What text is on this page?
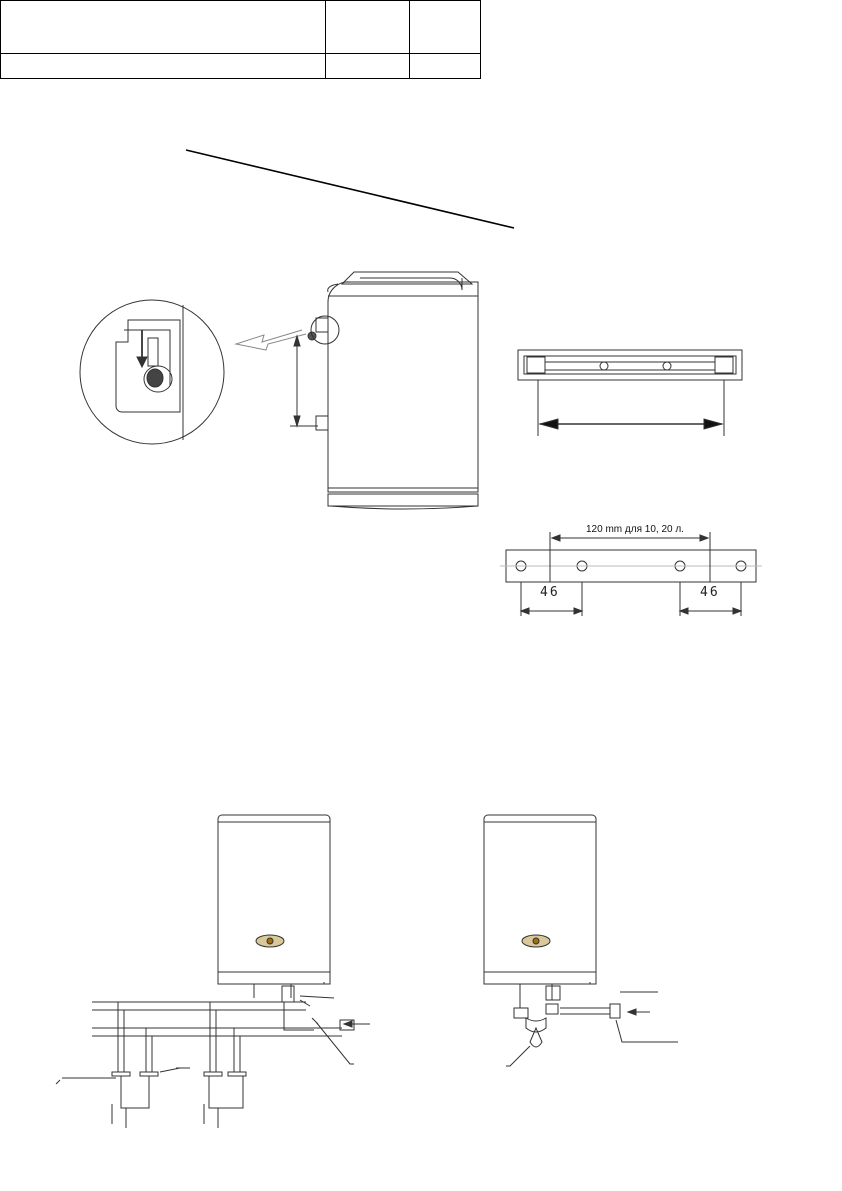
120 mm для 10, 20 л.
46	46
